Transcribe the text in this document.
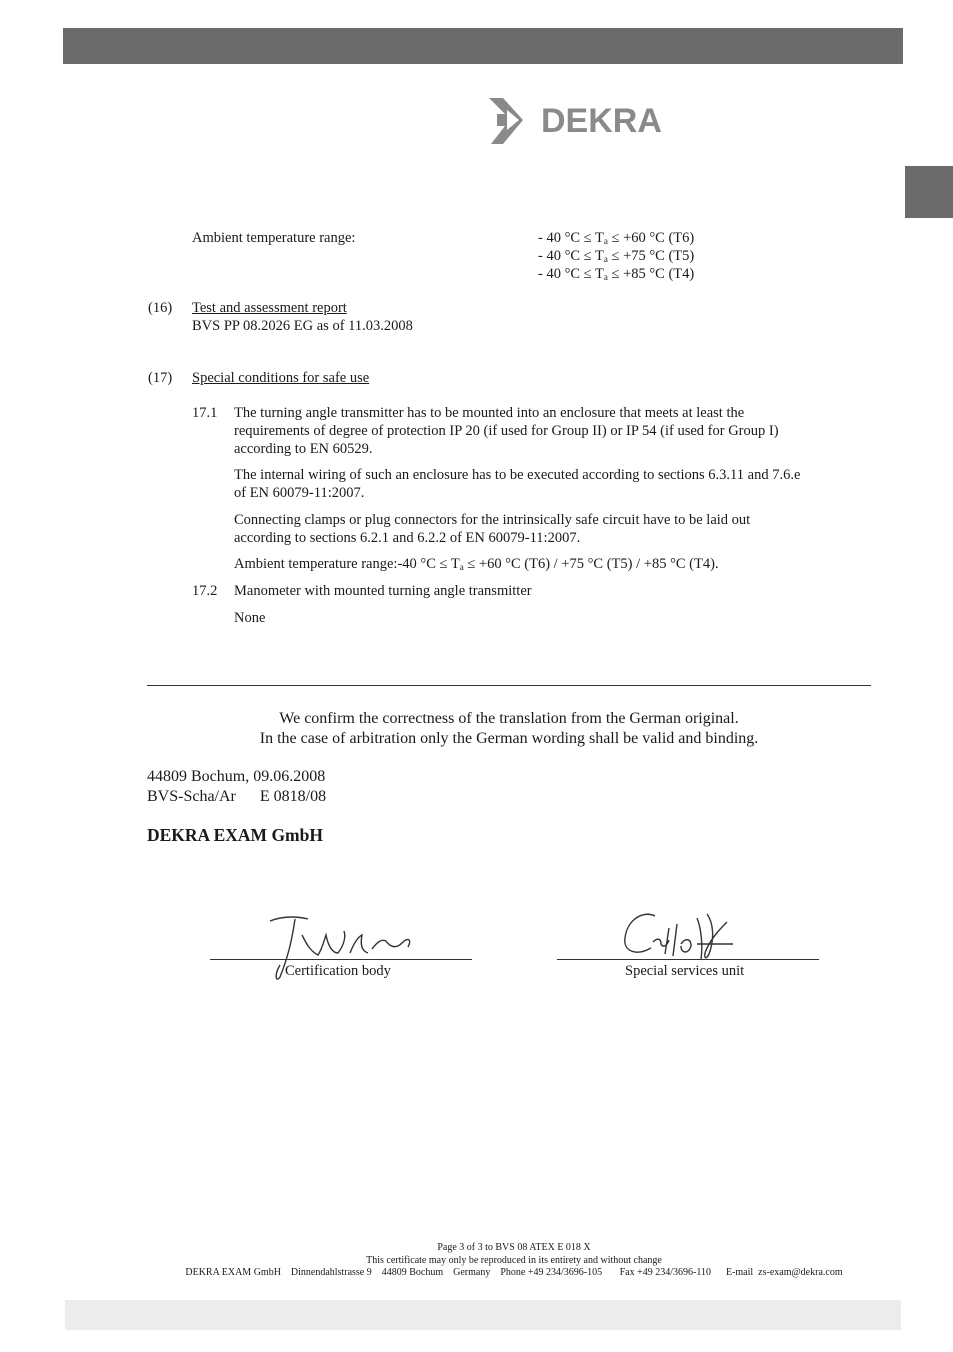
DEKRA
Ambient temperature range:	- 40 $^\circ C \le T_a \le +60$ °C (T6)
- 40 $^\circ C \le T_a \le +75$ °C (T5)
- 40 $^\circ C \le T_a \le +85$ °C (T4)
(16) Test and assessment report
BVS PP 08.2026 EG as of 11.03.2008
(17) Special conditions for safe use
17.1 The turning angle transmitter has to be mounted into an enclosure that meets at least the
requirements of degree of protection IP 20 (if used for Group II) or IP 54 (if used for Group I)
according to EN 60529.
The internal wiring of such an enclosure has to be executed according to sections 6.3.11 and 7.6.e
of EN 60079-11:2007.
Connecting clamps or plug connectors for the intrinsically safe circuit have to be laid out
according to sections 6.2.1 and 6.2.2 of EN 60079-11:2007.
Ambient temperature range:-40 $^\circ C \le T_a \le +60$ °C (T6) / +75 °C (T5) / +85 °C (T4).
17.2 Manometer with mounted turning angle transmitter
None
We confirm the correctness of the translation from the German original.
In the case of arbitration only the German wording shall be valid and binding.
44809 Bochum, 09.06.2008
BVS-Scha/Ar      E 0818/08
DEKRA EXAM GmbH
Certification body	Special services unit
Page 3 of 3 to BVS 08 ATEX E 018 X
This certificate may only be reproduced in its entirety and without change
DEKRA EXAM GmbH    Dinnendahlstrasse 9    44809 Bochum    Germany    Phone +49 234/3696-105       Fax +49 234/3696-110      E-mail  zs-exam@dekra.com
